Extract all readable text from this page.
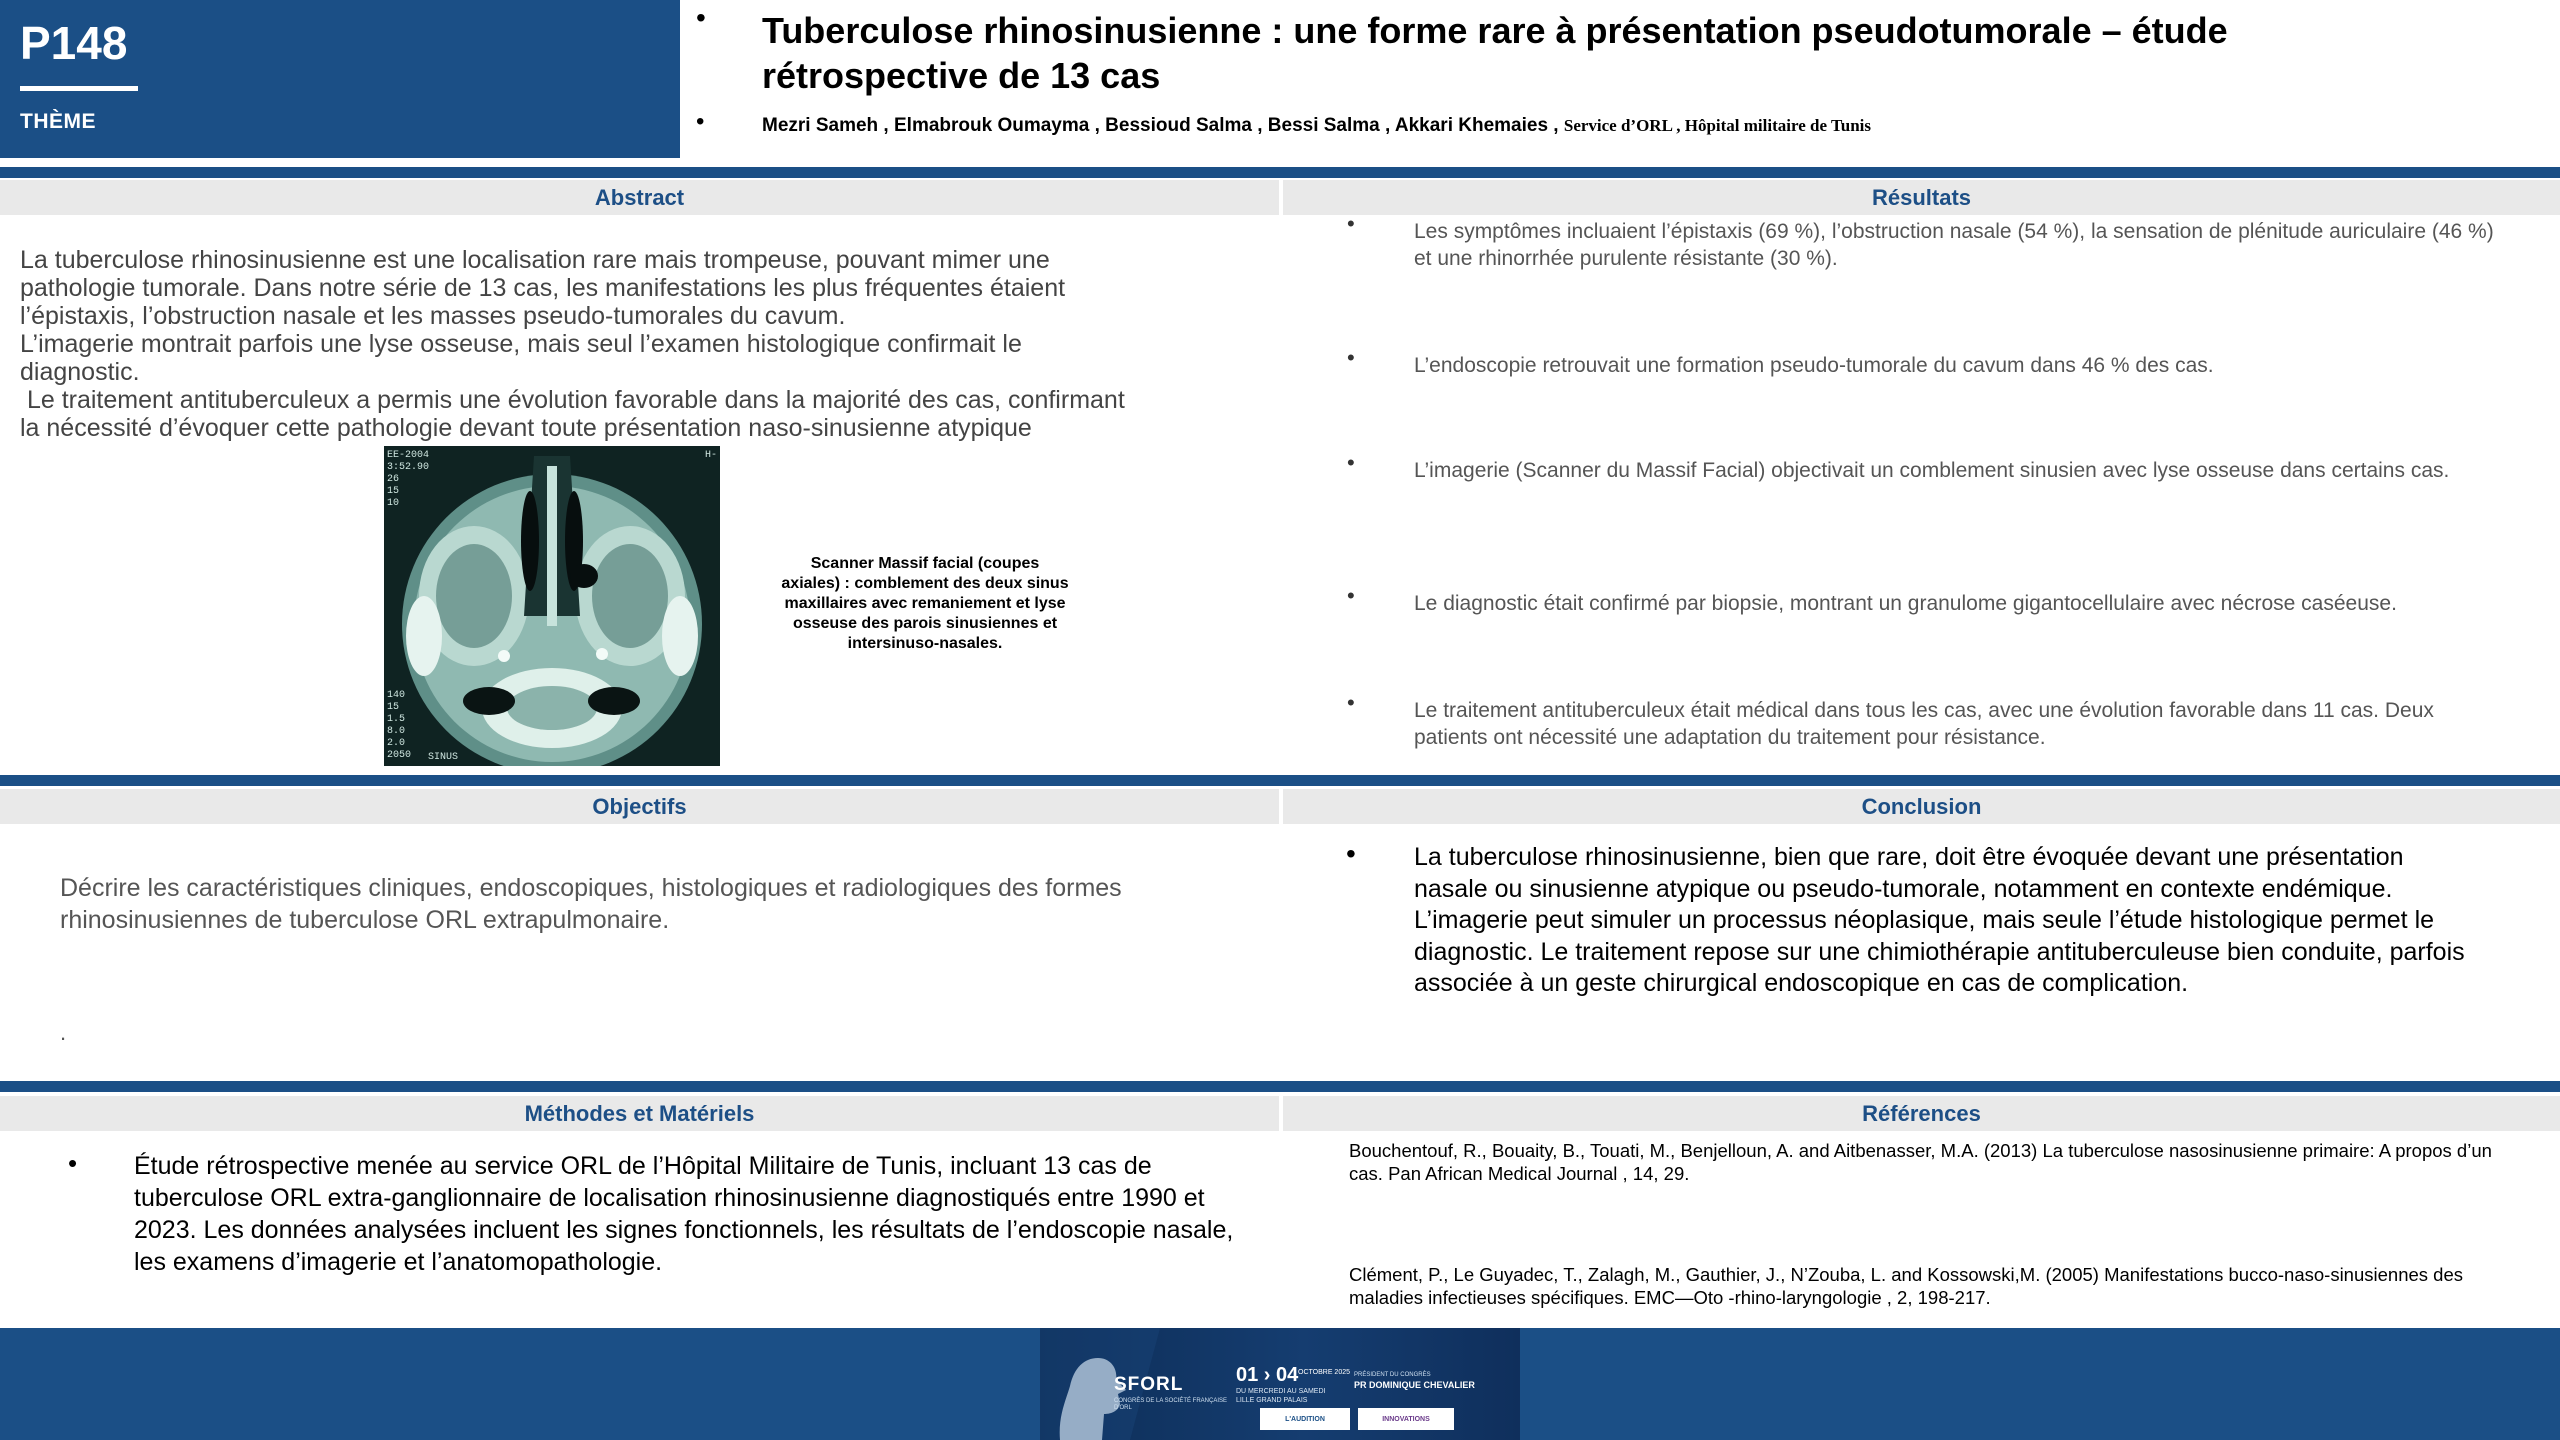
P148
THÈME
• Tuberculose rhinosinusienne : une forme rare à présentation pseudotumorale – étude rétrospective de 13 cas
•	Mezri Sameh , Elmabrouk Oumayma , Bessioud Salma , Bessi Salma , Akkari Khemaies , Service d’ORL , Hôpital militaire de Tunis
Abstract	Résultats

La tuberculose rhinosinusienne est une localisation rare mais trompeuse, pouvant mimer une pathologie tumorale. Dans notre série de 13 cas, les manifestations les plus fréquentes étaient l’épistaxis, l’obstruction nasale et les masses pseudo-tumorales du cavum.

L’imagerie montrait parfois une lyse osseuse, mais seul l’examen histologique confirmait le diagnostic.

Le traitement antituberculeux a permis une évolution favorable dans la majorité des cas, confirmant la nécessité d’évoquer cette pathologie devant toute présentation naso-sinusienne atypique

EE-2004
3:52.90
26
15
10
H-
140
15
1.5
8.0
2.0
2050 SINUS
Scanner Massif facial (coupes axiales) : comblement des deux sinus maxillaires avec remaniement et lyse osseuse des parois sinusiennes et intersinuso-nasales.
•	Les symptômes incluaient l’épistaxis (69 %), l’obstruction nasale (54 %), la sensation de plénitude auriculaire (46 %) et une rhinorrhée purulente résistante (30 %).
•	L’endoscopie retrouvait une formation pseudo-tumorale du cavum dans 46 % des cas.
•	L’imagerie (Scanner du Massif Facial) objectivait un comblement sinusien avec lyse osseuse dans certains cas.
•	Le diagnostic était confirmé par biopsie, montrant un granulome gigantocellulaire avec nécrose caséeuse.
•	Le traitement antituberculeux était médical dans tous les cas, avec une évolution favorable dans 11 cas. Deux patients ont nécessité une adaptation du traitement pour résistance.
Objectifs	Conclusion
Décrire les caractéristiques cliniques, endoscopiques, histologiques et radiologiques des formes rhinosinusiennes de tuberculose ORL extrapulmonaire.
.
• La tuberculose rhinosinusienne, bien que rare, doit être évoquée devant une présentation nasale ou sinusienne atypique ou pseudo-tumorale, notamment en contexte endémique. L’imagerie peut simuler un processus néoplasique, mais seule l’étude histologique permet le diagnostic. Le traitement repose sur une chimiothérapie antituberculeuse bien conduite, parfois associée à un geste chirurgical endoscopique en cas de complication.
Méthodes et Matériels	Références
• Étude rétrospective menée au service ORL de l’Hôpital Militaire de Tunis, incluant 13 cas de tuberculose ORL extra-ganglionnaire de localisation rhinosinusienne diagnostiqués entre 1990 et 2023. Les données analysées incluent les signes fonctionnels, les résultats de l’endoscopie nasale, les examens d’imagerie et l’anatomopathologie.
Bouchentouf, R., Bouaity, B., Touati, M., Benjelloun, A. and Aitbenasser, M.A. (2013) La tuberculose nasosinusienne primaire: A propos d’un cas. Pan African Medical Journal , 14, 29.
Clément, P., Le Guyadec, T., Zalagh, M., Gauthier, J., N’Zouba, L. and Kossowski,M. (2005) Manifestations bucco-naso-sinusiennes des maladies infectieuses spécifiques. EMC—Oto -rhino-laryngologie , 2, 198-217.
SFORL
CONGRÈS DE LA SOCIÉTÉ FRANÇAISE D'ORL
01 › 04 OCTOBRE 2025
DU MERCREDI AU SAMEDI
LILLE GRAND PALAIS
PRÉSIDENT DU CONGRÈS
PR DOMINIQUE CHEVALIER
L'AUDITION	INNOVATIONS
